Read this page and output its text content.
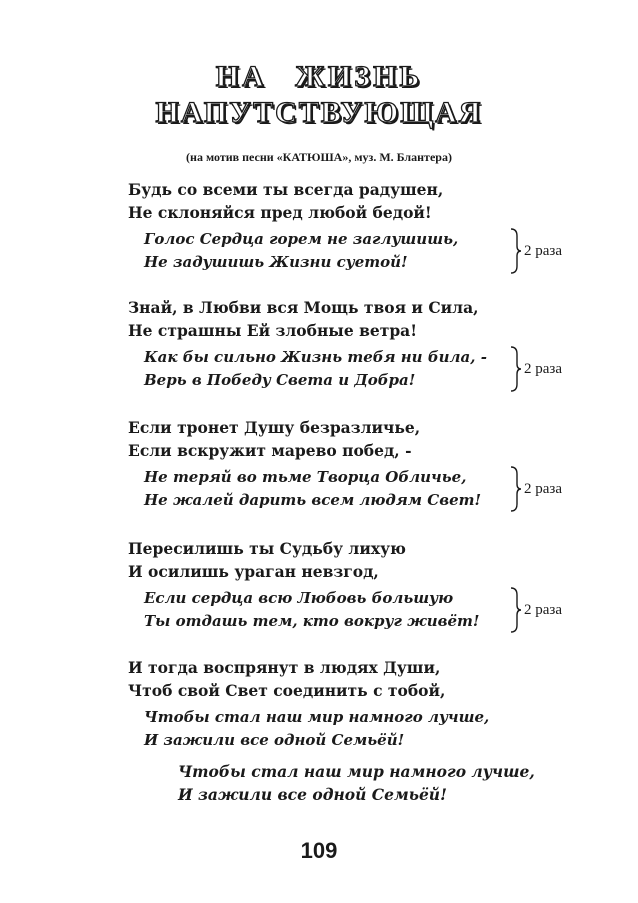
НА ЖИЗНЬ
НАПУТСТВУЮЩАЯ
(на мотив песни «КАТЮША», муз. М. Блантера)
Будь со всеми ты всегда радушен,
Не склоняйся пред любой бедой!
Голос Сердца горем не заглушишь,
Не задушишь Жизни суетой!
2 раза
Знай, в Любви вся Мощь твоя и Сила,
Не страшны Ей злобные ветра!
Как бы сильно Жизнь тебя ни била, -
Верь в Победу Света и Добра!
2 раза
Если тронет Душу безразличье,
Если вскружит марево побед, -
Не теряй во тьме Творца Обличье,
Не жалей дарить всем людям Свет!
2 раза
Пересилишь ты Судьбу лихую
И осилишь ураган невзгод,
Если сердца всю Любовь большую
Ты отдашь тем, кто вокруг живёт!
2 раза
И тогда воспрянут в людях Души,
Чтоб свой Свет соединить с тобой,
Чтобы стал наш мир намного лучше,
И зажили все одной Семьёй!
Чтобы стал наш мир намного лучше,
И зажили все одной Семьёй!
109
